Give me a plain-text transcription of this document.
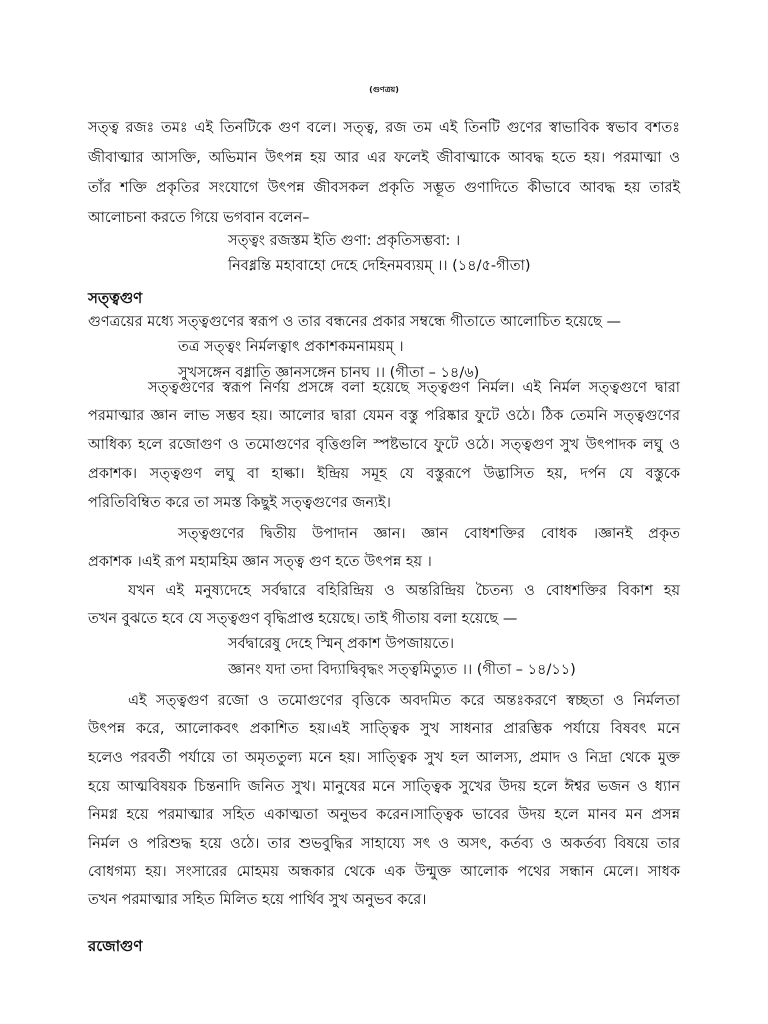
(গুণত্রয়)
সত্ত্ব রজঃ তমঃ এই তিনটিকে গুণ বলে। সত্ত্ব, রজ তম এই তিনটি গুণের স্বাভাবিক স্বভাব বশতঃ
জীবাত্মার আসক্তি, অভিমান উৎপন্ন হয় আর এর ফলেই জীবাত্মাকে আবদ্ধ হতে হয়। পরমাত্মা ও
তাঁর শক্তি প্রকৃতির সংযোগে উৎপন্ন জীবসকল প্রকৃতি সম্ভূত গুণাদিতে কীভাবে আবদ্ধ হয় তারই
আলোচনা করতে গিয়ে ভগবান বলেন–
সত্ত্বং রজস্তম ইতি গুণা: প্রকৃতিসম্ভবা: ।
নিবধ্নন্তি মহাবাহো দেহে দেহিনমব্যয়ম্ ।। (১৪/৫-গীতা)
সত্ত্বগুণ
গুণত্রয়ের মধ্যে সত্ত্বগুণের স্বরূপ ও তার বন্ধনের প্রকার সম্বন্ধে গীতাতে আলোচিত হয়েছে —
তত্র সত্ত্বং নির্মলত্বাৎ প্রকাশকমনাময়ম্ ।
সুখসঙ্গেন বধ্নাতি জ্ঞানসঙ্গেন চানঘ ।। (গীতা – ১৪/৬)
সত্ত্বগুণের স্বরূপ নির্ণয় প্রসঙ্গে বলা হয়েছে সত্ত্বগুণ নির্মল। এই নির্মল সত্ত্বগুণে দ্বারা
পরমাত্মার জ্ঞান লাভ সম্ভব হয়। আলোর দ্বারা যেমন বস্তু পরিষ্কার ফুটে ওঠে। ঠিক তেমনি সত্ত্বগুণের
আধিক্য হলে রজোগুণ ও তমোগুণের বৃত্তিগুলি স্পষ্টভাবে ফুটে ওঠে। সত্ত্বগুণ সুখ উৎপাদক লঘু ও
প্রকাশক। সত্ত্বগুণ লঘু বা হাল্কা। ইন্দ্রিয় সমূহ যে বস্তুরূপে উদ্ভাসিত হয়, দর্পন যে বস্তুকে
পরিতিবিম্বিত করে তা সমস্ত কিছুই সত্ত্বগুণের জন্যই।
সত্ত্বগুণের দ্বিতীয় উপাদান জ্ঞান। জ্ঞান বোধশক্তির বোধক ।জ্ঞানই প্রকৃত
প্রকাশক ।এই রূপ মহামহিম জ্ঞান সত্ত্ব গুণ হতে উৎপন্ন হয় ।
যখন এই মনুষ্যদেহে সর্বদ্বারে বহিরিন্দ্রিয় ও অন্তরিন্দ্রিয় চৈতন্য ও বোধশক্তির বিকাশ হয়
তখন বুঝতে হবে যে সত্ত্বগুণ বৃদ্ধিপ্রাপ্ত হয়েছে। তাই গীতায় বলা হয়েছে —
সর্বদ্বারেষু দেহে স্মিন্ প্রকাশ উপজায়তে।
জ্ঞানং যদা তদা বিদ্যাদ্বিবৃদ্ধং সত্ত্বমিত্যুত ।। (গীতা – ১৪/১১)
এই সত্ত্বগুণ রজো ও তমোগুণের বৃত্তিকে অবদমিত করে অন্তঃকরণে স্বচ্ছতা ও নির্মলতা
উৎপন্ন করে, আলোকবৎ প্রকাশিত হয়।এই সাত্ত্বিক সুখ সাধনার প্রারম্ভিক পর্যায়ে বিষবৎ মনে
হলেও পরবর্তী পর্যায়ে তা অমৃততুল্য মনে হয়। সাত্ত্বিক সুখ হল আলস্য, প্রমাদ ও নিদ্রা থেকে মুক্ত
হয়ে আত্মবিষয়ক চিন্তনাদি জনিত সুখ। মানুষের মনে সাত্ত্বিক সুখের উদয় হলে ঈশ্বর ভজন ও ধ্যান
নিমগ্ন হয়ে পরমাত্মার সহিত একাত্মতা অনুভব করেন।সাত্ত্বিক ভাবের উদয় হলে মানব মন প্রসন্ন
নির্মল ও পরিশুদ্ধ হয়ে ওঠে। তার শুভবুদ্ধির সাহায্যে সৎ ও অসৎ, কর্তব্য ও অকর্তব্য বিষয়ে তার
বোধগম্য হয়। সংসারের মোহময় অন্ধকার থেকে এক উন্মুক্ত আলোক পথের সন্ধান মেলে। সাধক
তখন পরমাত্মার সহিত মিলিত হয়ে পার্থিব সুখ অনুভব করে।
রজোগুণ
